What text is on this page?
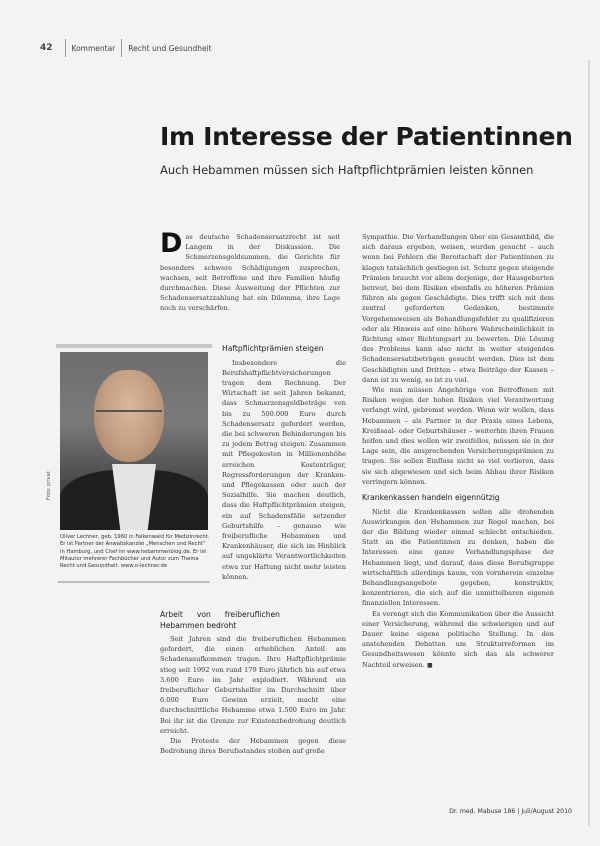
42	Kommentar Recht und Gesundheit
Im Interesse der Patientinnen
Auch Hebammen müssen sich Haftpflichtprämien leisten können

Das deutsche Schadensersatzrecht ist seit Langem in der Diskussion. Die Schmerzensgeldsummen, die Gerichte für besonders schwere Schädigungen zusprechen, wachsen, seit Betroffene und ihre Familien häufig durchmachen. Diese Ausweitung der Pflichten zur Schadensersatzzahlung hat ein Dilemma, ihre Lage noch zu verschärfen.

Foto: privat
Oliver Lechner, geb. 1960 in Falkenwald für Medizinrecht. Er ist Partner der Anwaltskanzlei „Menschen und Recht“ in Hamburg, und Chef im www.hebammenblog.de. Er ist Mitautor mehrerer Fachbücher und Autor zum Thema Recht und Gesundheit. www.o-lechner.de
Haftpflichtprämien steigen

Insbesondere die Berufshaftpflichtversicherungen tragen dem Rechnung. Der Wirtschaft ist seit Jahren bekannt, dass Schmerzensgeldbeträge von bis zu 500.000 Euro durch Schadensersatz gefordert werden, die bei schweren Behinderungen bis zu jedem Betrag steigen. Zusammen mit Pflegekosten in Millionenhöhe erreichen Kostenträger, Regressforderungen der Kranken- und Pflegekassen oder auch der Sozialhilfe. Sie machen deutlich, dass die Haftpflichtprämien steigen, ein auf Schadensfälle setzender Geburtshilfe – genauso wie freiberufliche Hebammen und Krankenhäuser, die sich im Hinblick auf ungeklärte Verantwortlichkeiten etwa zur Haftung nicht mehr leisten können.

Arbeit von freiberuflichen Hebammen bedroht

Seit Jahren sind die freiberuflichen Hebammen gefordert, die einen erheblichen Anteil am Schadensaufkommen tragen. Ihre Haftpflichtprämie stieg seit 1992 von rund 179 Euro jährlich bis auf etwa 3.600 Euro im Jahr explodiert. Während ein freiberuflicher Geburtshelfer im Durchschnitt über 6.000 Euro Gewinn erzielt, macht eine durchschnittliche Hebamme etwa 1.500 Euro im Jahr. Bei ihr ist die Grenze zur Existenzbedrohung deutlich erreicht.

Die Proteste der Hebammen gegen diese Bedrohung ihres Berufsstandes stoßen auf große

Sympathie. Die Verhandlungen über ein Gesamtbild, die sich daraus ergeben, weisen, wurden gesucht – auch wenn bei Fehlern die Bereitschaft der Patientinnen zu klagen tatsächlich gestiegen ist. Schutz gegen steigende Prämien braucht vor allem derjenige, der Hausgeburten betreut, bei dem Risiken ebenfalls zu höheren Prämien führen als gegen Geschädigte. Dies trifft sich mit dem zentral geforderten Gedanken, bestimmte Vorgehensweisen als Behandlungsfehler zu qualifizieren oder als Hinweis auf eine höhere Wahrscheinlichkeit in Richtung einer Richtungsart zu bewerten. Die Lösung des Problems kann also nicht in weiter steigenden Schadensersatzbeträgen gesucht werden. Dies ist dem Geschädigten und Dritten – etwa Beiträge der Kassen – dann ist zu wenig, so ist zu viel.

Wie nun müssen Angehörige von Betroffenen mit Risiken wegen der hohen Risiken viel Verantwortung verlangt wird, gebremst werden. Wenn wir wollen, dass Hebammen – als Partner in der Praxis eines Lebens, Kreißsaal- oder Geburtshäuser – weiterhin ihren Frauen helfen und dies wollen wir zweifellos, müssen sie in der Lage sein, die ansprechenden Versicherungsprämien zu tragen. Sie sollen Einfluss nicht so viel verlieren, dass sie sich abgewiesen und sich beim Abbau ihrer Risiken verringern können.

Krankenkassen handeln eigennützig

Nicht die Krankenkassen sollen alle drohenden Auswirkungen den Hebammen zur Regel machen, bei der die Bildung wieder einmal schlecht entschieden. Statt an die Patientinnen zu denken, haben die Interessen eine ganze Verhandlungsphase der Hebammen liegt, und darauf, dass diese Berufsgruppe wirtschaftlich allerdings kaum, von vornherein einzelne Behandlungsangebote gegeben, konstruktiv, konzentrieren, die sich auf die unmittelbaren eigenen finanziellen Interessen.

Es verengt sich die Kommunikation über die Aussicht einer Versicherung, während die schwierigen und auf Dauer keine eigene politische Stellung. In den anstehenden Debatten um Strukturreformen im Gesundheitswesen könnte sich das als schwerer Nachteil erweisen. ■

Dr. med. Mabuse 186 | Juli/August 2010
